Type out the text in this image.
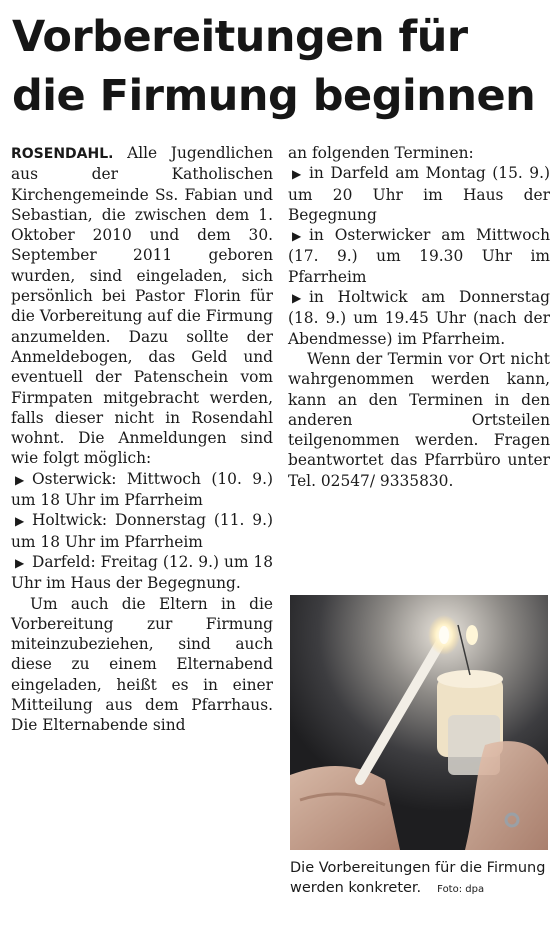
Vorbereitungen für
die Firmung beginnen

ROSENDAHL. Alle Jugendlichen aus der Katholischen Kirchengemeinde Ss. Fabian und Sebastian, die zwischen dem 1. Oktober 2010 und dem 30. September 2011 geboren wurden, sind eingeladen, sich persönlich bei Pastor Florin für die Vorbereitung auf die Firmung anzumelden. Dazu sollte der Anmeldebogen, das Geld und eventuell der Patenschein vom Firmpaten mitgebracht werden, falls dieser nicht in Rosendahl wohnt. Die Anmeldungen sind wie folgt möglich:

▶ Osterwick: Mittwoch (10. 9.) um 18 Uhr im Pfarrheim

▶ Holtwick: Donnerstag (11. 9.) um 18 Uhr im Pfarrheim

▶ Darfeld: Freitag (12. 9.) um 18 Uhr im Haus der Begegnung.

Um auch die Eltern in die Vorbereitung zur Firmung miteinzubeziehen, sind auch diese zu einem Elternabend eingeladen, heißt es in einer Mitteilung aus dem Pfarrhaus. Die Elternabende sind

an folgenden Terminen:

▶ in Darfeld am Montag (15. 9.) um 20 Uhr im Haus der Begegnung

▶ in Osterwicker am Mittwoch (17. 9.) um 19.30 Uhr im Pfarrheim

▶ in Holtwick am Donnerstag (18. 9.) um 19.45 Uhr (nach der Abendmesse) im Pfarrheim.

Wenn der Termin vor Ort nicht wahrgenommen werden kann, kann an den Terminen in den anderen Ortsteilen teilgenommen werden. Fragen beantwortet das Pfarrbüro unter Tel. 02547/ 9335830.

Die Vorbereitungen für die Firmung werden konkreter. Foto: dpa
